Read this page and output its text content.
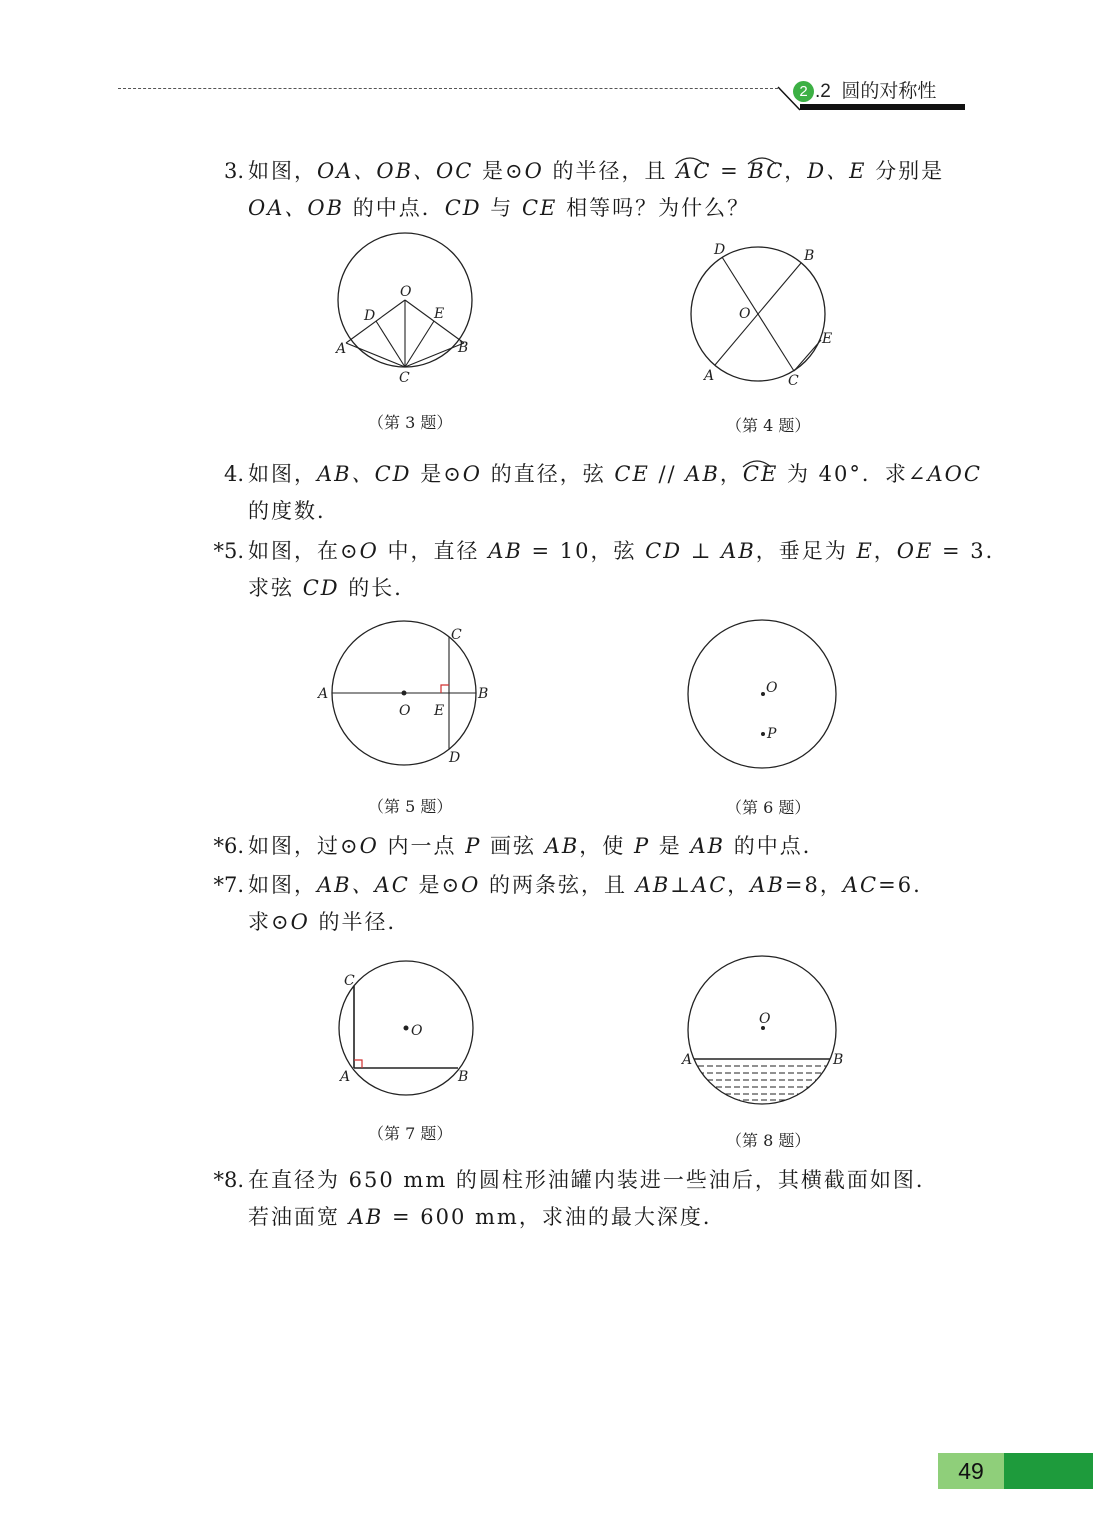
2 .2 圆的对称性
3. 如图，OA、OB、OC 是⊙O 的半径，且
AC =
BC，D、E 分别是
OA、OB 的中点．CD 与 CE 相等吗？为什么？
O
D	E
A	B
C
（第 3 题）
D	B
O
E
A	C
（第 4 题）
4. 如图，AB、CD 是⊙O 的直径，弦 CE // AB，
CE 为 40°．求∠AOC
的度数．
*5. 如图，在⊙O 中，直径 AB = 10，弦 CD ⊥ AB，垂足为 E，OE = 3．
求弦 CD 的长．
C
A
O E
B
D
（第 5 题）
O
P
（第 6 题）
*6. 如图，过⊙O 内一点 P 画弦 AB，使 P 是 AB 的中点．
*7. 如图，AB、AC 是⊙O 的两条弦，且 AB⊥AC，AB=8，AC=6.
求⊙O 的半径．
C
O
A	B
（第 7 题）
O
A	B
（第 8 题）
*8. 在直径为 650 mm 的圆柱形油罐内装进一些油后，其横截面如图．
若油面宽 AB = 600 mm，求油的最大深度．
49
